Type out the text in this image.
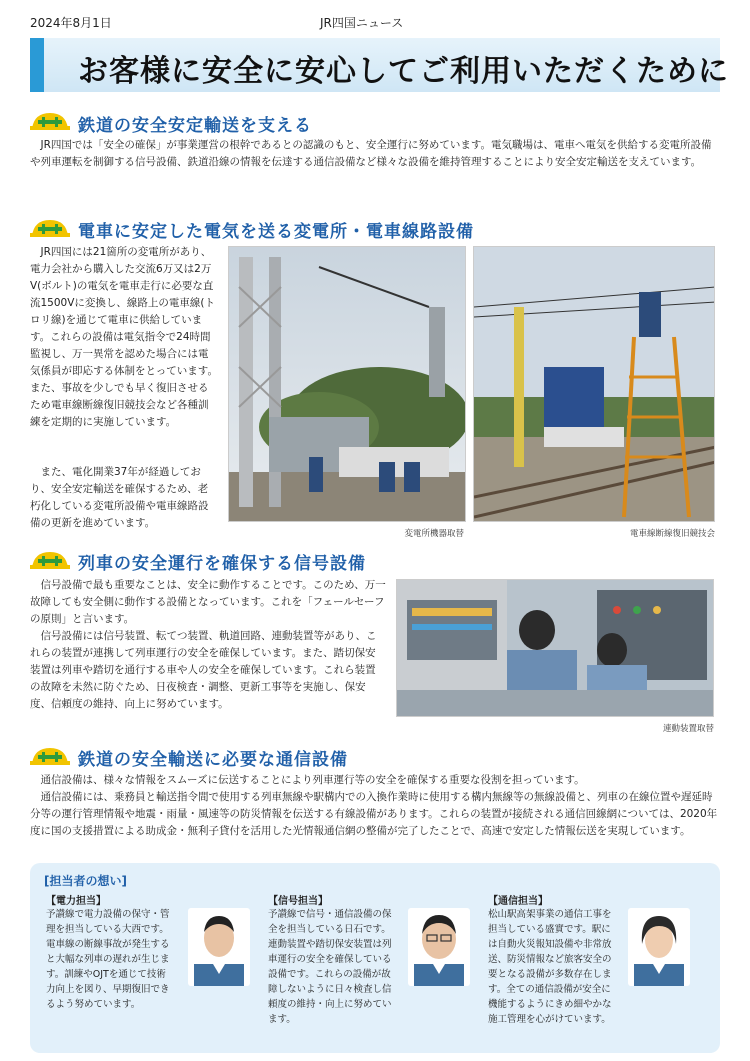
2024年8月1日	JR四国ニュース
お客様に安全に安心してご利用いただくために
鉄道の安全安定輸送を支える
JR四国では「安全の確保」が事業運営の根幹であるとの認識のもと、安全運行に努めています。電気職場は、電車へ電気を供給する変電所設備や列車運転を制御する信号設備、鉄道沿線の情報を伝達する通信設備など様々な設備を維持管理することにより安全安定輸送を支えています。
電車に安定した電気を送る変電所・電車線路設備
JR四国には21箇所の変電所があり、電力会社から購入した交流6万又は2万V(ボルト)の電気を電車走行に必要な直流1500Vに変換し、線路上の電車線(トロリ線)を通じて電車に供給しています。これらの設備は電気指令で24時間監視し、万一異常を認めた場合には電気係員が即応する体制をとっています。また、事故を少しでも早く復旧させるため電車線断線復旧競技会など各種訓練を定期的に実施しています。
また、電化開業37年が経過しており、安全安定輸送を確保するため、老朽化している変電所設備や電車線路設備の更新を進めています。
変電所機器取替	電車線断線復旧競技会
列車の安全運行を確保する信号設備
信号設備で最も重要なことは、安全に動作することです。このため、万一故障しても安全側に動作する設備となっています。これを「フェールセーフの原則」と言います。
信号設備には信号装置、転てつ装置、軌道回路、連動装置等があり、これらの装置が連携して列車運行の安全を確保しています。また、踏切保安装置は列車や踏切を通行する車や人の安全を確保しています。これら装置の故障を未然に防ぐため、日夜検査・調整、更新工事等を実施し、保安度、信頼度の維持、向上に努めています。
連動装置取替
鉄道の安全輸送に必要な通信設備
通信設備は、様々な情報をスムーズに伝送することにより列車運行等の安全を確保する重要な役割を担っています。
通信設備には、乗務員と輸送指令間で使用する列車無線や駅構内での入換作業時に使用する構内無線等の無線設備と、列車の在線位置や遅延時分等の運行管理情報や地震・雨量・風速等の防災情報を伝送する有線設備があります。これらの装置が接続される通信回線網については、2020年度に国の支援措置による助成金・無利子貸付を活用した光情報通信網の整備が完了したことで、高速で安定した情報伝送を実現しています。
[担当者の想い]
【電力担当】
予讃線で電力設備の保守・管理を担当している大西です。電車線の断線事故が発生すると大幅な列車の遅れが生じます。訓練やOJTを通じて技術力向上を図り、早期復旧できるよう努めています。
【信号担当】
予讃線で信号・通信設備の保全を担当している日石です。連動装置や踏切保安装置は列車運行の安全を確保している設備です。これらの設備が故障しないように日々検査し信頼度の維持・向上に努めています。
【通信担当】
松山駅高架事業の通信工事を担当している盛實です。駅には自動火災報知設備や非常放送、防災情報など旅客安全の要となる設備が多数存在します。全ての通信設備が安全に機能するようにきめ細やかな施工管理を心がけています。
